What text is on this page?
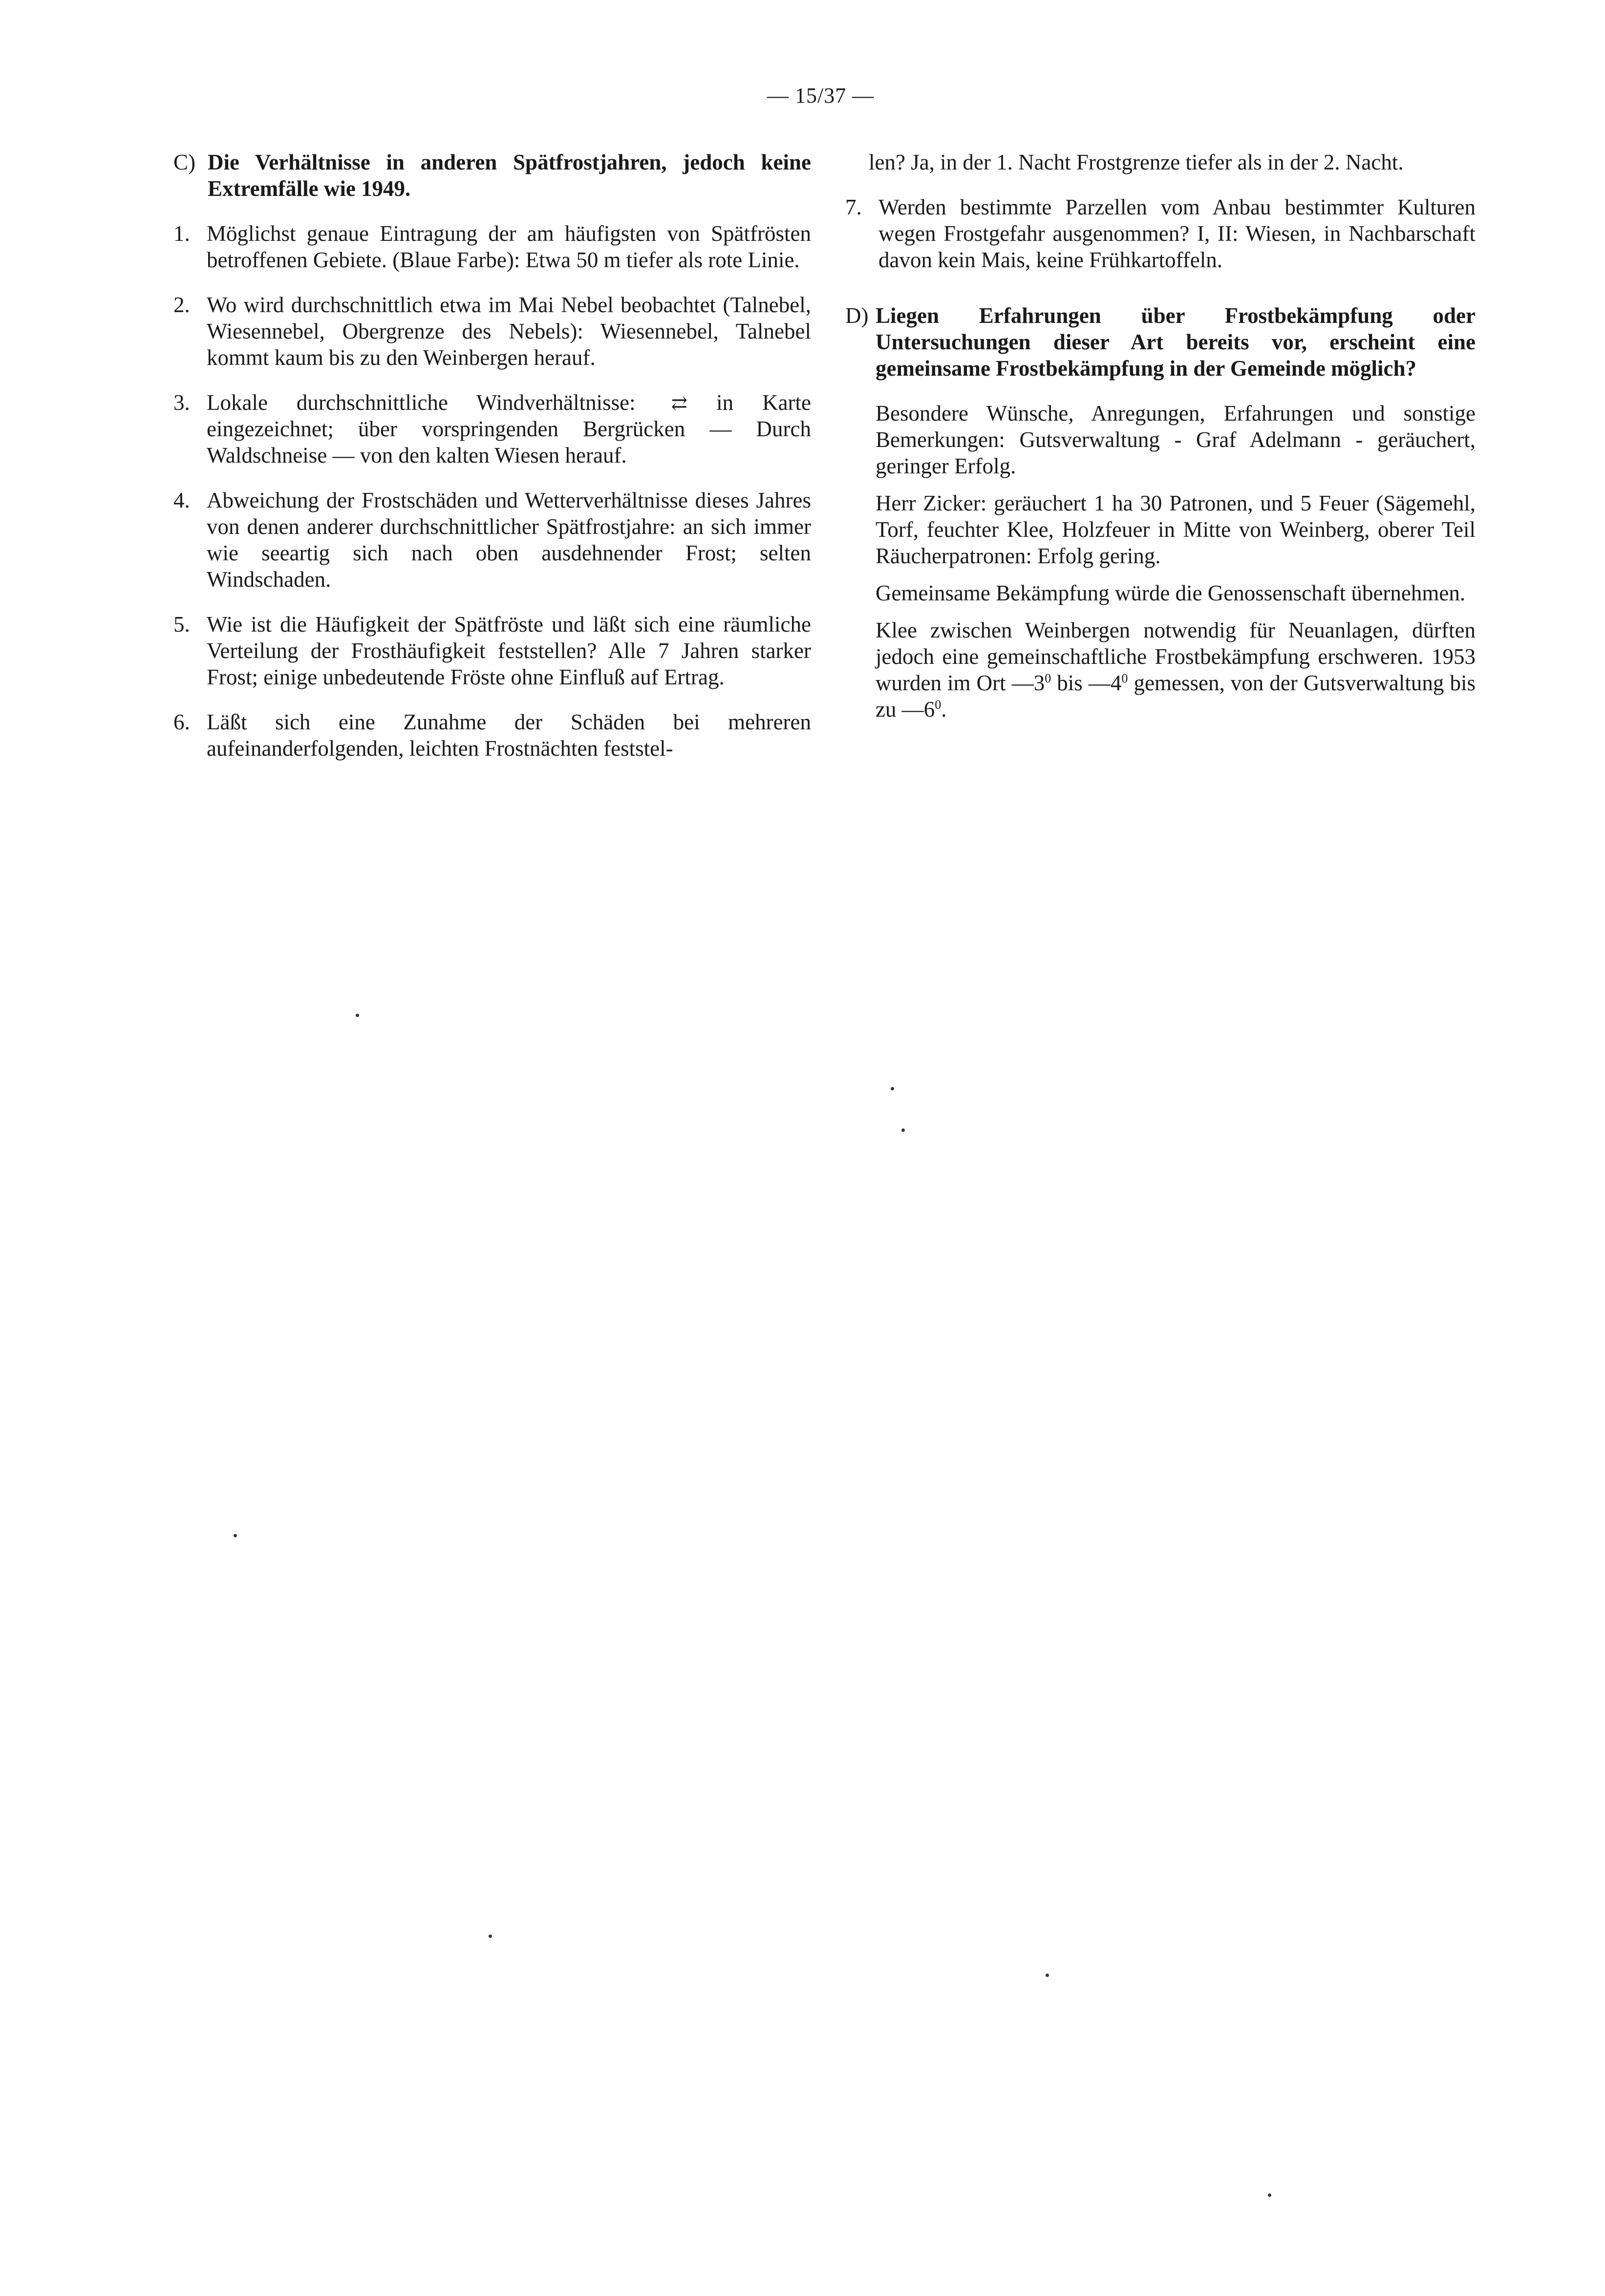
— 15/37 —
C) Die Verhältnisse in anderen Spätfrostjahren, jedoch keine Extremfälle wie 1949.
1. Möglichst genaue Eintragung der am häufigsten von Spätfrösten betroffenen Gebiete. (Blaue Farbe): Etwa 50 m tiefer als rote Linie.
2. Wo wird durchschnittlich etwa im Mai Nebel beobachtet (Talnebel, Wiesennebel, Obergrenze des Nebels): Wiesennebel, Talnebel kommt kaum bis zu den Weinbergen herauf.
3. Lokale durchschnittliche Windverhältnisse: ⇄ in Karte eingezeichnet; über vorspringenden Bergrücken — Durch Waldschneise — von den kalten Wiesen herauf.
4. Abweichung der Frostschäden und Wetterverhältnisse dieses Jahres von denen anderer durchschnittlicher Spätfrostjahre: an sich immer wie seeartig sich nach oben ausdehnender Frost; selten Windschaden.
5. Wie ist die Häufigkeit der Spätfröste und läßt sich eine räumliche Verteilung der Frosthäufigkeit feststellen? Alle 7 Jahren starker Frost; einige unbedeutende Fröste ohne Einfluß auf Ertrag.
6. Läßt sich eine Zunahme der Schäden bei mehreren aufeinanderfolgenden, leichten Frostnächten feststel-
len? Ja, in der 1. Nacht Frostgrenze tiefer als in der 2. Nacht.
7. Werden bestimmte Parzellen vom Anbau bestimmter Kulturen wegen Frostgefahr ausgenommen? I, II: Wiesen, in Nachbarschaft davon kein Mais, keine Frühkartoffeln.
D) Liegen Erfahrungen über Frostbekämpfung oder Untersuchungen dieser Art bereits vor, erscheint eine gemeinsame Frostbekämpfung in der Gemeinde möglich?
Besondere Wünsche, Anregungen, Erfahrungen und sonstige Bemerkungen: Gutsverwaltung - Graf Adelmann - geräuchert, geringer Erfolg.
Herr Zicker: geräuchert 1 ha 30 Patronen, und 5 Feuer (Sägemehl, Torf, feuchter Klee, Holzfeuer in Mitte von Weinberg, oberer Teil Räucherpatronen: Erfolg gering.
Gemeinsame Bekämpfung würde die Genossenschaft übernehmen.
Klee zwischen Weinbergen notwendig für Neuanlagen, dürften jedoch eine gemeinschaftliche Frostbekämpfung erschweren. 1953 wurden im Ort $—3^0$ bis $—4^0$ gemessen, von der Gutsverwaltung bis zu $—6^0$.
